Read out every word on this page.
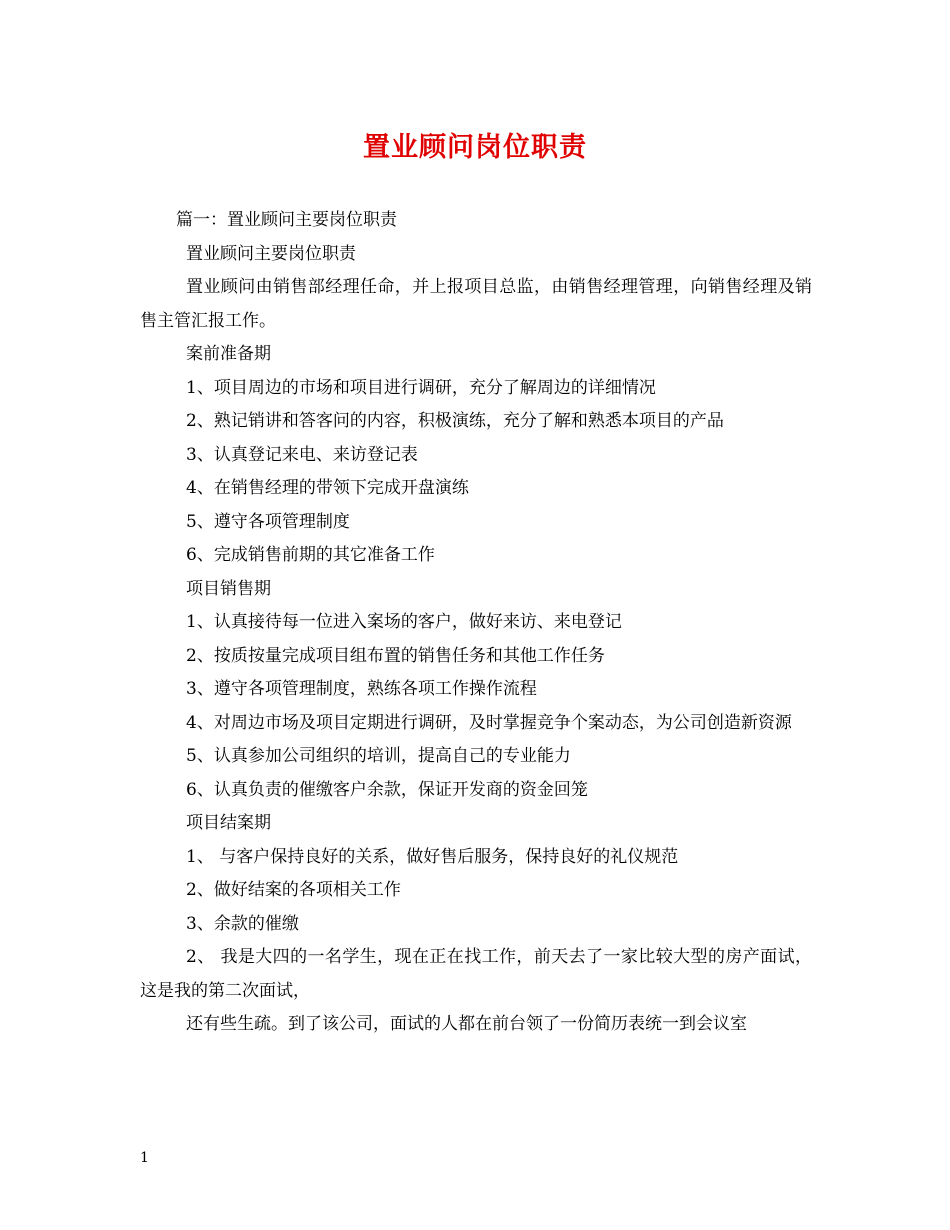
置业顾问岗位职责

篇一：置业顾问主要岗位职责

置业顾问主要岗位职责

置业顾问由销售部经理任命，并上报项目总监，由销售经理管理，向销售经理及销售主管汇报工作。

案前准备期

1、项目周边的市场和项目进行调研，充分了解周边的详细情况

2、熟记销讲和答客问的内容，积极演练，充分了解和熟悉本项目的产品

3、认真登记来电、来访登记表

4、在销售经理的带领下完成开盘演练

5、遵守各项管理制度

6、完成销售前期的其它准备工作

项目销售期

1、认真接待每一位进入案场的客户，做好来访、来电登记

2、按质按量完成项目组布置的销售任务和其他工作任务

3、遵守各项管理制度，熟练各项工作操作流程

4、对周边市场及项目定期进行调研，及时掌握竞争个案动态，为公司创造新资源

5、认真参加公司组织的培训，提高自己的专业能力

6、认真负责的催缴客户余款，保证开发商的资金回笼

项目结案期

1、 与客户保持良好的关系，做好售后服务，保持良好的礼仪规范

2、做好结案的各项相关工作

3、余款的催缴

2、 我是大四的一名学生，现在正在找工作，前天去了一家比较大型的房产面试，这是我的第二次面试，

还有些生疏。到了该公司，面试的人都在前台领了一份简历表统一到会议室

1
